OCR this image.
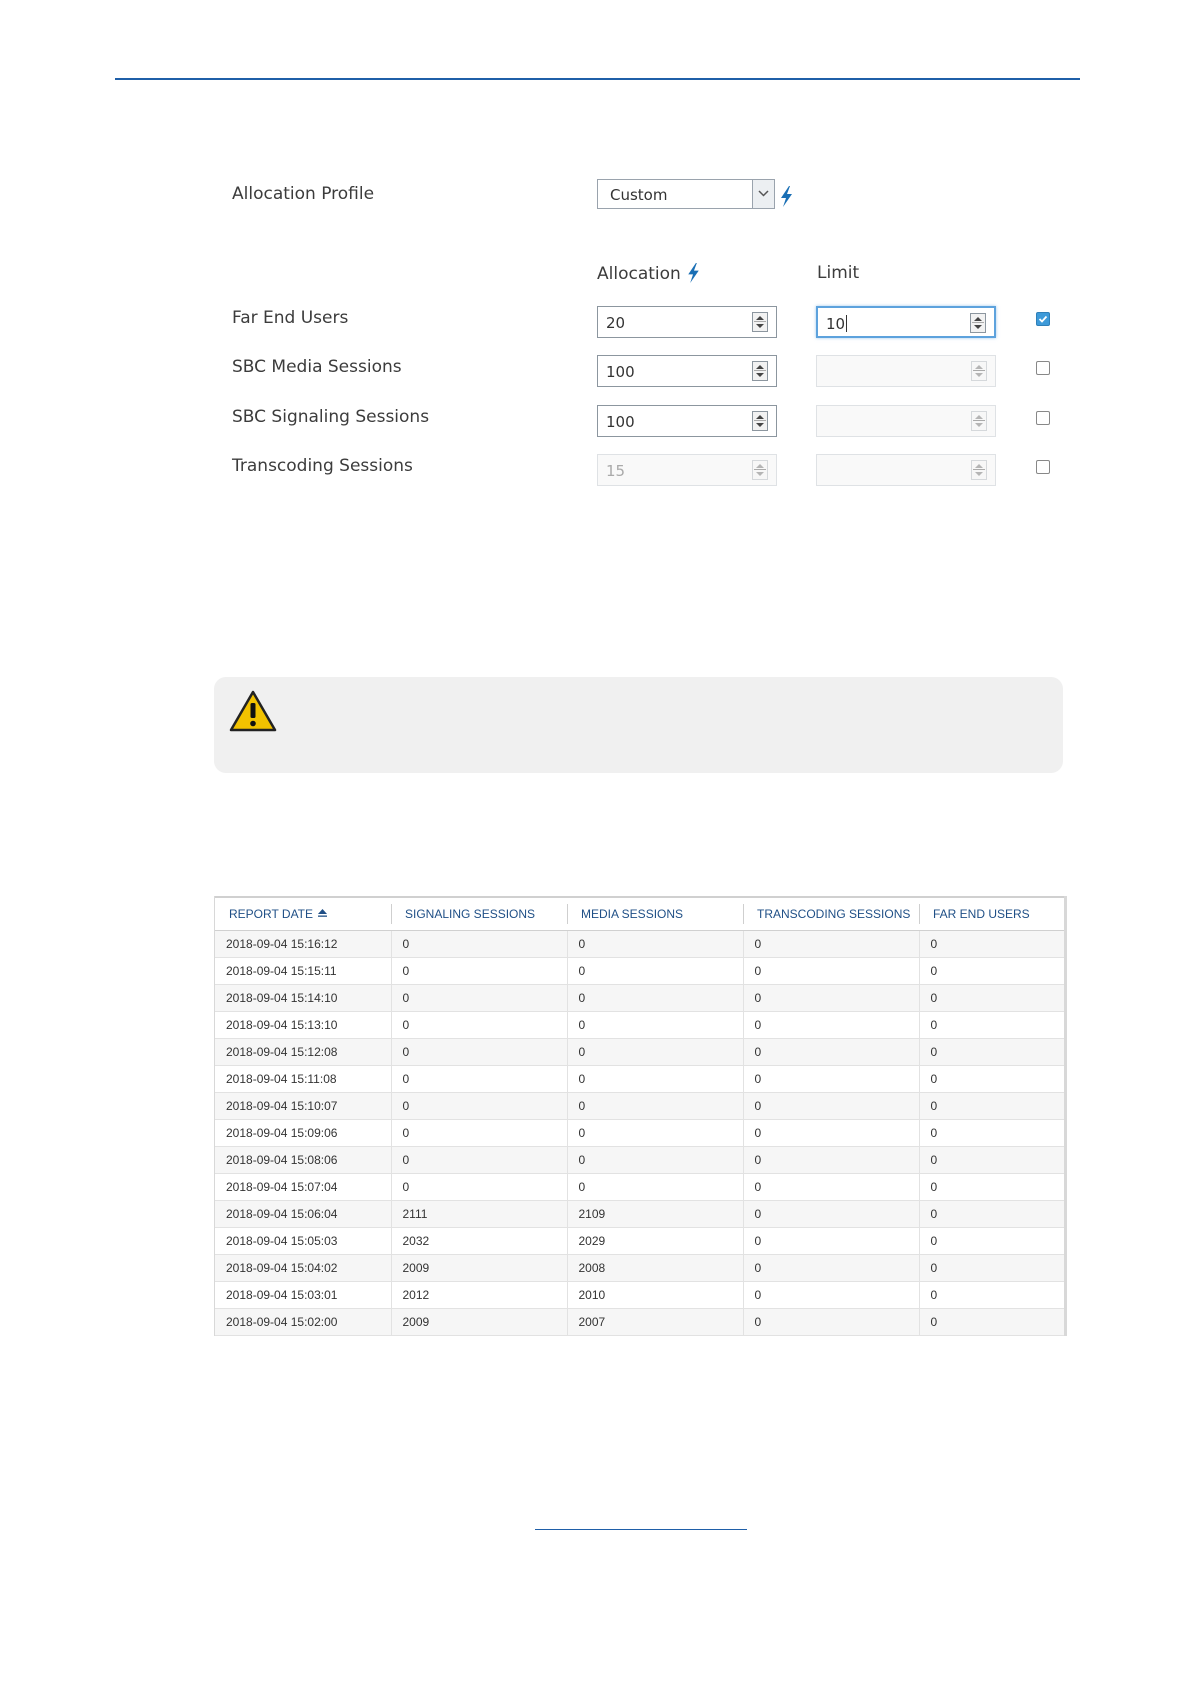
Allocation Profile	Custom
Allocation	Limit
Far End Users	20	10
SBC Media Sessions	100
SBC Signaling Sessions	100
Transcoding Sessions	15
REPORT DATE	SIGNALING SESSIONS	MEDIA SESSIONS	TRANSCODING SESSIONS	FAR END USERS
2018-09-04 15:16:12	0	0	0	0
2018-09-04 15:15:11	0	0	0	0
2018-09-04 15:14:10	0	0	0	0
2018-09-04 15:13:10	0	0	0	0
2018-09-04 15:12:08	0	0	0	0
2018-09-04 15:11:08	0	0	0	0
2018-09-04 15:10:07	0	0	0	0
2018-09-04 15:09:06	0	0	0	0
2018-09-04 15:08:06	0	0	0	0
2018-09-04 15:07:04	0	0	0	0
2018-09-04 15:06:04	2111	2109	0	0
2018-09-04 15:05:03	2032	2029	0	0
2018-09-04 15:04:02	2009	2008	0	0
2018-09-04 15:03:01	2012	2010	0	0
2018-09-04 15:02:00	2009	2007	0	0
